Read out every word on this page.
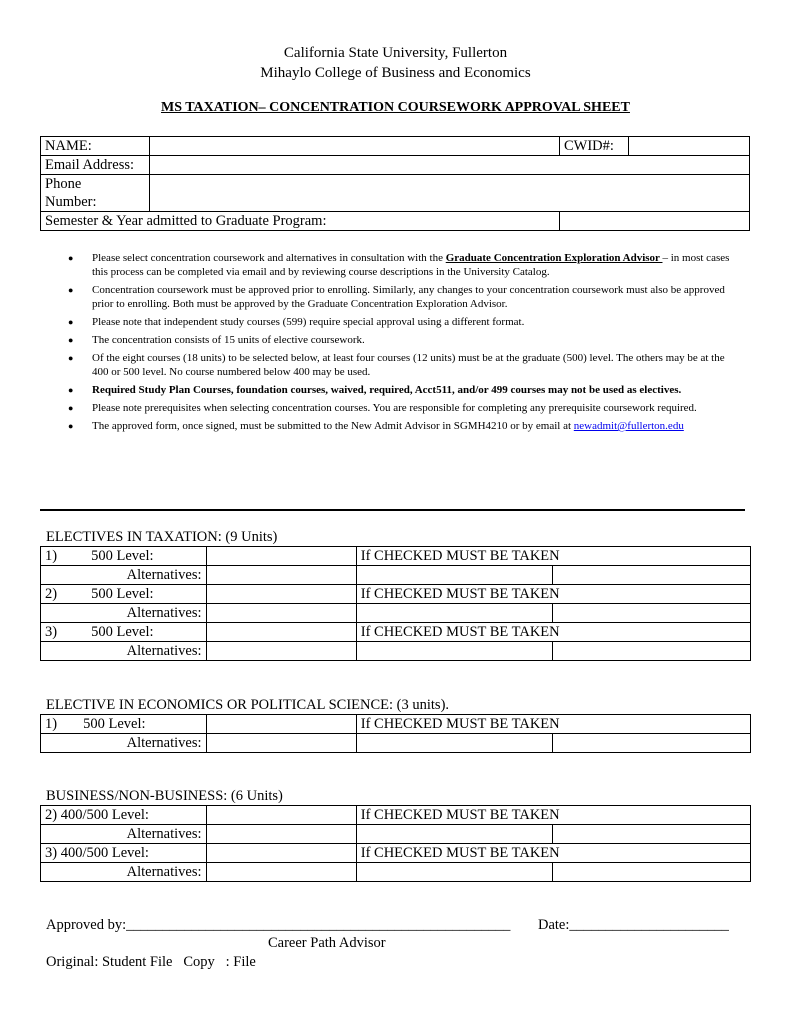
California State University, Fullerton
Mihaylo College of Business and Economics
MS TAXATION– CONCENTRATION COURSEWORK APPROVAL SHEET
NAME:		CWID#:	
Email Address:			
Phone
Number:			
Semester & Year admitted to Graduate Program:			
● Please select concentration coursework and alternatives in consultation with the Graduate Concentration Exploration Advisor – in most cases this process can be completed via email and by reviewing course descriptions in the University Catalog.
● Concentration coursework must be approved prior to enrolling. Similarly, any changes to your concentration coursework must also be approved prior to enrolling. Both must be approved by the Graduate Concentration Exploration Advisor.
● Please note that independent study courses (599) require special approval using a different format.
● The concentration consists of 15 units of elective coursework.
● Of the eight courses (18 units) to be selected below, at least four courses (12 units) must be at the graduate (500) level. The others may be at the 400 or 500 level. No course numbered below 400 may be used.
● Required Study Plan Courses, foundation courses, waived, required, Acct511, and/or 499 courses may not be used as electives.
● Please note prerequisites when selecting concentration courses. You are responsible for completing any prerequisite coursework required.
● The approved form, once signed, must be submitted to the New Admit Advisor in SGMH4210 or by email at newadmit@fullerton.edu
ELECTIVES IN TAXATION: (9 Units)
1) 500 Level:		If CHECKED MUST BE TAKEN	
Alternatives:			
2) 500 Level:		If CHECKED MUST BE TAKEN	
Alternatives:			
3) 500 Level:		If CHECKED MUST BE TAKEN	
Alternatives:			
ELECTIVE IN ECONOMICS OR POLITICAL SCIENCE: (3 units).
1) 500 Level:		If CHECKED MUST BE TAKEN	
Alternatives:			
BUSINESS/NON-BUSINESS: (6 Units)
2) 400/500 Level:		If CHECKED MUST BE TAKEN	
Alternatives:			
3) 400/500 Level:		If CHECKED MUST BE TAKEN	
Alternatives:			
Approved by:_____________________________________________________ Date:______________________
Career Path Advisor
Original: Student File   Copy   : File
